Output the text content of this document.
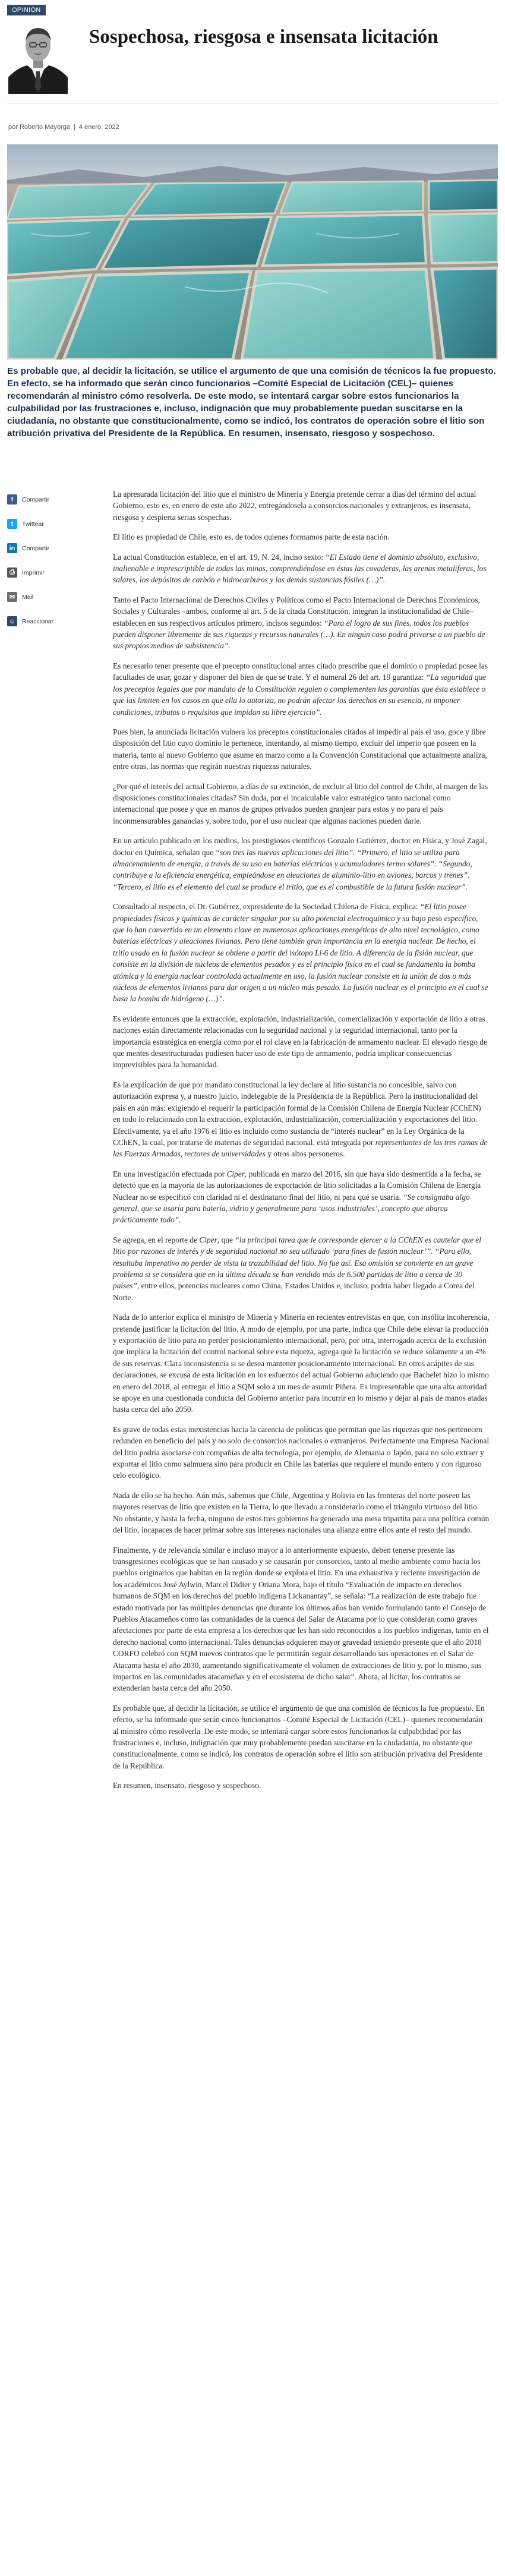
OPINIÓN
Sospechosa, riesgosa e insensata licitación
por Roberto Mayorga | 4 enero, 2022

Es probable que, al decidir la licitación, se utilice el argumento de que una comisión de técnicos la fue propuesto. En efecto, se ha informado que serán cinco funcionarios –Comité Especial de Licitación (CEL)– quienes recomendarán al ministro cómo resolverla. De este modo, se intentará cargar sobre estos funcionarios la culpabilidad por las frustraciones e, incluso, indignación que muy probablemente puedan suscitarse en la ciudadanía, no obstante que constitucionalmente, como se indicó, los contratos de operación sobre el litio son atribución privativa del Presidente de la República. En resumen, insensato, riesgoso y sospechoso.

f	Compartir
t	Twittear
in	Compartir
⎙	Imprimir
✉	Mail
☺ Reaccionar

La apresurada licitación del litio que el ministro de Minería y Energía pretende cerrar a días del término del actual Gobierno, esto es, en enero de este año 2022, entregándosela a consorcios nacionales y extranjeros, es insensata, riesgosa y despierta serias sospechas.

El litio es propiedad de Chile, esto es, de todos quienes formamos parte de esta nación.

La actual Constitución establece, en el art. 19, N. 24, inciso sexto: “El Estado tiene el dominio absoluto, exclusivo, inalienable e imprescriptible de todas las minas, comprendiéndose en éstas las covaderas, las arenas metalíferas, los salares, los depósitos de carbón e hidrocarburos y las demás sustancias fósiles (…)”.

Tanto el Pacto Internacional de Derechos Civiles y Políticos como el Pacto Internacional de Derechos Económicos, Sociales y Culturales –ambos, conforme al art. 5 de la citada Constitución, integran la institucionalidad de Chile– establecen en sus respectivos artículos primero, incisos segundos: “Para el logro de sus fines, todos los pueblos pueden disponer libremente de sus riquezas y recursos naturales (…). En ningún caso podrá privarse a un pueblo de sus propios medios de subsistencia”.

Es necesario tener presente que el precepto constitucional antes citado prescribe que el dominio o propiedad posee las facultades de usar, gozar y disponer del bien de que se trate. Y el numeral 26 del art. 19 garantiza: “La seguridad que los preceptos legales que por mandato de la Constitución regulen o complementen las garantías que ésta establece o que las limiten en los casos en que ella lo autoriza, no podrán afectar los derechos en su esencia, ni imponer condiciones, tributos o requisitos que impidan su libre ejercicio”.

Pues bien, la anunciada licitación vulnera los preceptos constitucionales citados al impedir al país el uso, goce y libre disposición del litio cuyo dominio le pertenece, intentando, al mismo tiempo, excluir del imperio que poseen en la materia, tanto al nuevo Gobierno que asume en marzo como a la Convención Constitucional que actualmente analiza, entre otras, las normas que regirán nuestras riquezas naturales.

¿Por qué el interés del actual Gobierno, a días de su extinción, de excluir al litio del control de Chile, al margen de las disposiciones constitucionales citadas? Sin duda, por el incalculable valor estratégico tanto nacional como internacional que posee y que en manos de grupos privados pueden granjear para estos y no para el país inconmensurables ganancias y, sobre todo, por el uso nuclear que algunas naciones pueden darle.

En un artículo publicado en los medios, los prestigiosos científicos Gonzalo Gutiérrez, doctor en Física, y José Zagal, doctor en Química, señalan que “son tres las nuevas aplicaciones del litio”. “Primero, el litio se utiliza para almacenamiento de energía, a través de su uso en baterías eléctricas y acumuladores termo solares”. “Segundo, contribuye a la eficiencia energética, empleándose en aleaciones de aluminio-litio en aviones, barcos y trenes”. “Tercero, el litio es el elemento del cual se produce el tritio, que es el combustible de la futura fusión nuclear”.

Consultado al respecto, el Dr. Gutiérrez, expresidente de la Sociedad Chilena de Física, explica: “El litio posee propiedades físicas y químicas de carácter singular por su alto potencial electroquímico y su bajo peso específico, que lo han convertido en un elemento clave en numerosas aplicaciones energéticas de alto nivel tecnológico, como baterías eléctricas y aleaciones livianas. Pero tiene también gran importancia en la energía nuclear. De hecho, el tritio usado en la fusión nuclear se obtiene a partir del isótopo Li-6 de litio. A diferencia de la fisión nuclear, que consiste en la división de núcleos de elementos pesados y es el principio físico en el cual se fundamenta la bomba atómica y la energía nuclear controlada actualmente en uso, la fusión nuclear consiste en la unión de dos o más núcleos de elementos livianos para dar origen a un núcleo más pesado. La fusión nuclear es el principio en el cual se basa la bomba de hidrógeno (…)”.

Es evidente entonces que la extracción, explotación, industrialización, comercialización y exportación de litio a otras naciones están directamente relacionadas con la seguridad nacional y la seguridad internacional, tanto por la importancia estratégica en energía como por el rol clave en la fabricación de armamento nuclear. El elevado riesgo de que mentes desestructuradas pudiesen hacer uso de este tipo de armamento, podría implicar consecuencias imprevisibles para la humanidad.

Es la explicación de que por mandato constitucional la ley declare al litio sustancia no concesible, salvo con autorización expresa y, a nuestro juicio, indelegable de la Presidencia de la República. Pero la institucionalidad del país en aún más: exigiendo el requerir la participación formal de la Comisión Chilena de Energía Nuclear (CChEN) en todo lo relacionado con la extracción, explotación, industrialización, comercialización y exportaciones del litio. Efectivamente, ya el año 1976 el litio es incluido como sustancia de “interés nuclear” en la Ley Orgánica de la CChEN, la cual, por tratarse de materias de seguridad nacional, está integrada por representantes de las tres ramas de las Fuerzas Armadas, rectores de universidades y otros altos personeros.

En una investigación efectuada por Ciper, publicada en marzo del 2016, sin que haya sido desmentida a la fecha, se detectó que en la mayoría de las autorizaciones de exportación de litio solicitadas a la Comisión Chilena de Energía Nuclear no se especificó con claridad ni el destinatario final del litio, ni para qué se usaría. “Se consignaba algo general, que se usaría para batería, vidrio y generalmente para ‘usos industriales’, concepto que abarca prácticamente todo”.

Se agrega, en el reporte de Ciper, que “la principal tarea que le corresponde ejercer a la CChEN es cautelar que el litio por razones de interés y de seguridad nacional no sea utilizado ‘para fines de fusión nuclear’”. “Para ello, resultaba imperativo no perder de vista la trazabilidad del litio. No fue así. Esa omisión se convierte en un grave problema si se considera que en la última década se han vendido más de 6.500 partidas de litio a cerca de 30 países”, entre ellos, potencias nucleares como China, Estados Unidos e, incluso, podría haber llegado a Corea del Norte.

Nada de lo anterior explica el ministro de Minería y Minería en recientes entrevistas en que, con insólita incoherencia, pretende justificar la licitación del litio. A modo de ejemplo, por una parte, indica que Chile debe elevar la producción y exportación de litio para no perder posicionamiento internacional, pero, por otra, interrogado acerca de la exclusión que implica la licitación del control nacional sobre esta riqueza, agrega que la licitación se reduce solamente a un 4% de sus reservas. Clara inconsistencia si se desea mantener posicionamiento internacional. En otros acápites de sus declaraciones, se excusa de esta licitación en los esfuerzos del actual Gobierno aduciendo que Bachelet hizo lo mismo en enero del 2018, al entregar el litio a SQM solo a un mes de asumir Piñera. Es impresentable que una alta autoridad se apoye en una cuestionada conducta del Gobierno anterior para incurrir en lo mismo y dejar al país de manos atadas hasta cerca del año 2050.

Es grave de todas estas inexistencias hacia la carencia de políticas que permitan que las riquezas que nos pertenecen redunden en beneficio del país y no solo de consorcios nacionales o extranjeros. Perfectamente una Empresa Nacional del litio podría asociarse con compañías de alta tecnología, por ejemplo, de Alemania o Japón, para no solo extraer y exportar el litio como salmuera sino para producir en Chile las baterías que requiere el mundo entero y con riguroso celo ecológico.

Nada de ello se ha hecho. Aún más, sabemos que Chile, Argentina y Bolivia en las fronteras del norte poseen las mayores reservas de litio que existen en la Tierra, lo que llevado a considerarlo como el triángulo virtuoso del litio. No obstante, y hasta la fecha, ninguno de estos tres gobiernos ha generado una mesa tripartita para una política común del litio, incapaces de hacer primar sobre sus intereses nacionales una alianza entre ellos ante el resto del mundo.

Finalmente, y de relevancia similar e incluso mayor a lo anteriormente expuesto, deben tenerse presente las transgresiones ecológicas que se han causado y se causarán por consorcios, tanto al medio ambiente como hacia los pueblos originarios que habitan en la región donde se explota el litio. En una exhaustiva y reciente investigación de los académicos José Aylwin, Marcel Didier y Oriana Mora, bajo el título “Evaluación de impacto en derechos humanos de SQM en los derechos del pueblo indígena Lickanantay”, se señala: “La realización de este trabajo fue estado motivada por las múltiples denuncias que durante los últimos años han venido formulando tanto el Consejo de Pueblos Atacameños como las comunidades de la cuenca del Salar de Atacama por lo que consideran como graves afectaciones por parte de esta empresa a los derechos que les han sido reconocidos a los pueblos indígenas, tanto en el derecho nacional como internacional. Tales denuncias adquieren mayor gravedad teniendo presente que el año 2018 CORFO celebró con SQM nuevos contratos que le permitirán seguir desarrollando sus operaciones en el Salar de Atacama hasta el año 2030, aumentando significativamente el volumen de extracciones de litio y, por lo mismo, sus impactos en las comunidades atacameñas y en el ecosistema de dicho salar”. Ahora, al licitar, los contratos se extenderían hasta cerca del año 2050.

Es probable que, al decidir la licitación, se utilice el argumento de que una comisión de técnicos la fue propuesto. En efecto, se ha informado que serán cinco funcionarios –Comité Especial de Licitación (CEL)– quienes recomendarán al ministro cómo resolverla. De este modo, se intentará cargar sobre estos funcionarios la culpabilidad por las frustraciones e, incluso, indignación que muy probablemente puedan suscitarse en la ciudadanía, no obstante que constitucionalmente, como se indicó, los contratos de operación sobre el litio son atribución privativa del Presidente de la República.

En resumen, insensato, riesgoso y sospechoso.
